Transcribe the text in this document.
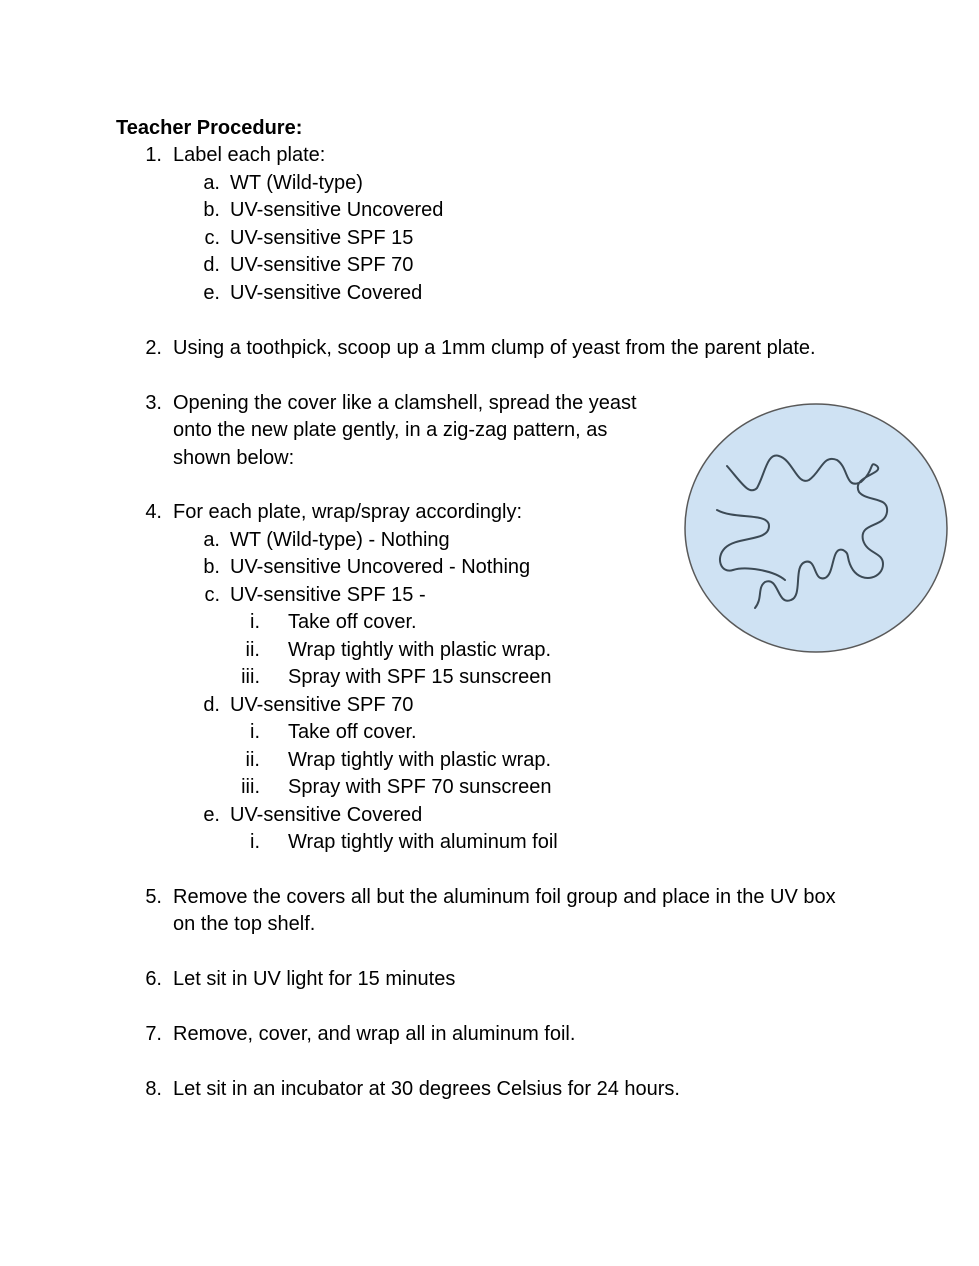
Teacher Procedure:
1. Label each plate:
a. WT (Wild-type)
b. UV-sensitive Uncovered
c. UV-sensitive SPF 15
d. UV-sensitive SPF 70
e. UV-sensitive Covered
2. Using a toothpick, scoop up a 1mm clump of yeast from the parent plate.
3. Opening the cover like a clamshell, spread the yeast
onto the new plate gently, in a zig-zag pattern, as
shown below:
4. For each plate, wrap/spray accordingly:
a. WT (Wild-type) - Nothing
b. UV-sensitive Uncovered - Nothing
c. UV-sensitive SPF 15 -
i. Take off cover.
ii. Wrap tightly with plastic wrap.
iii. Spray with SPF 15 sunscreen
d. UV-sensitive SPF 70
i. Take off cover.
ii. Wrap tightly with plastic wrap.
iii. Spray with SPF 70 sunscreen
e. UV-sensitive Covered
i. Wrap tightly with aluminum foil
5. Remove the covers all but the aluminum foil group and place in the UV box
on the top shelf.
6. Let sit in UV light for 15 minutes
7. Remove, cover, and wrap all in aluminum foil.
8. Let sit in an incubator at 30 degrees Celsius for 24 hours.
